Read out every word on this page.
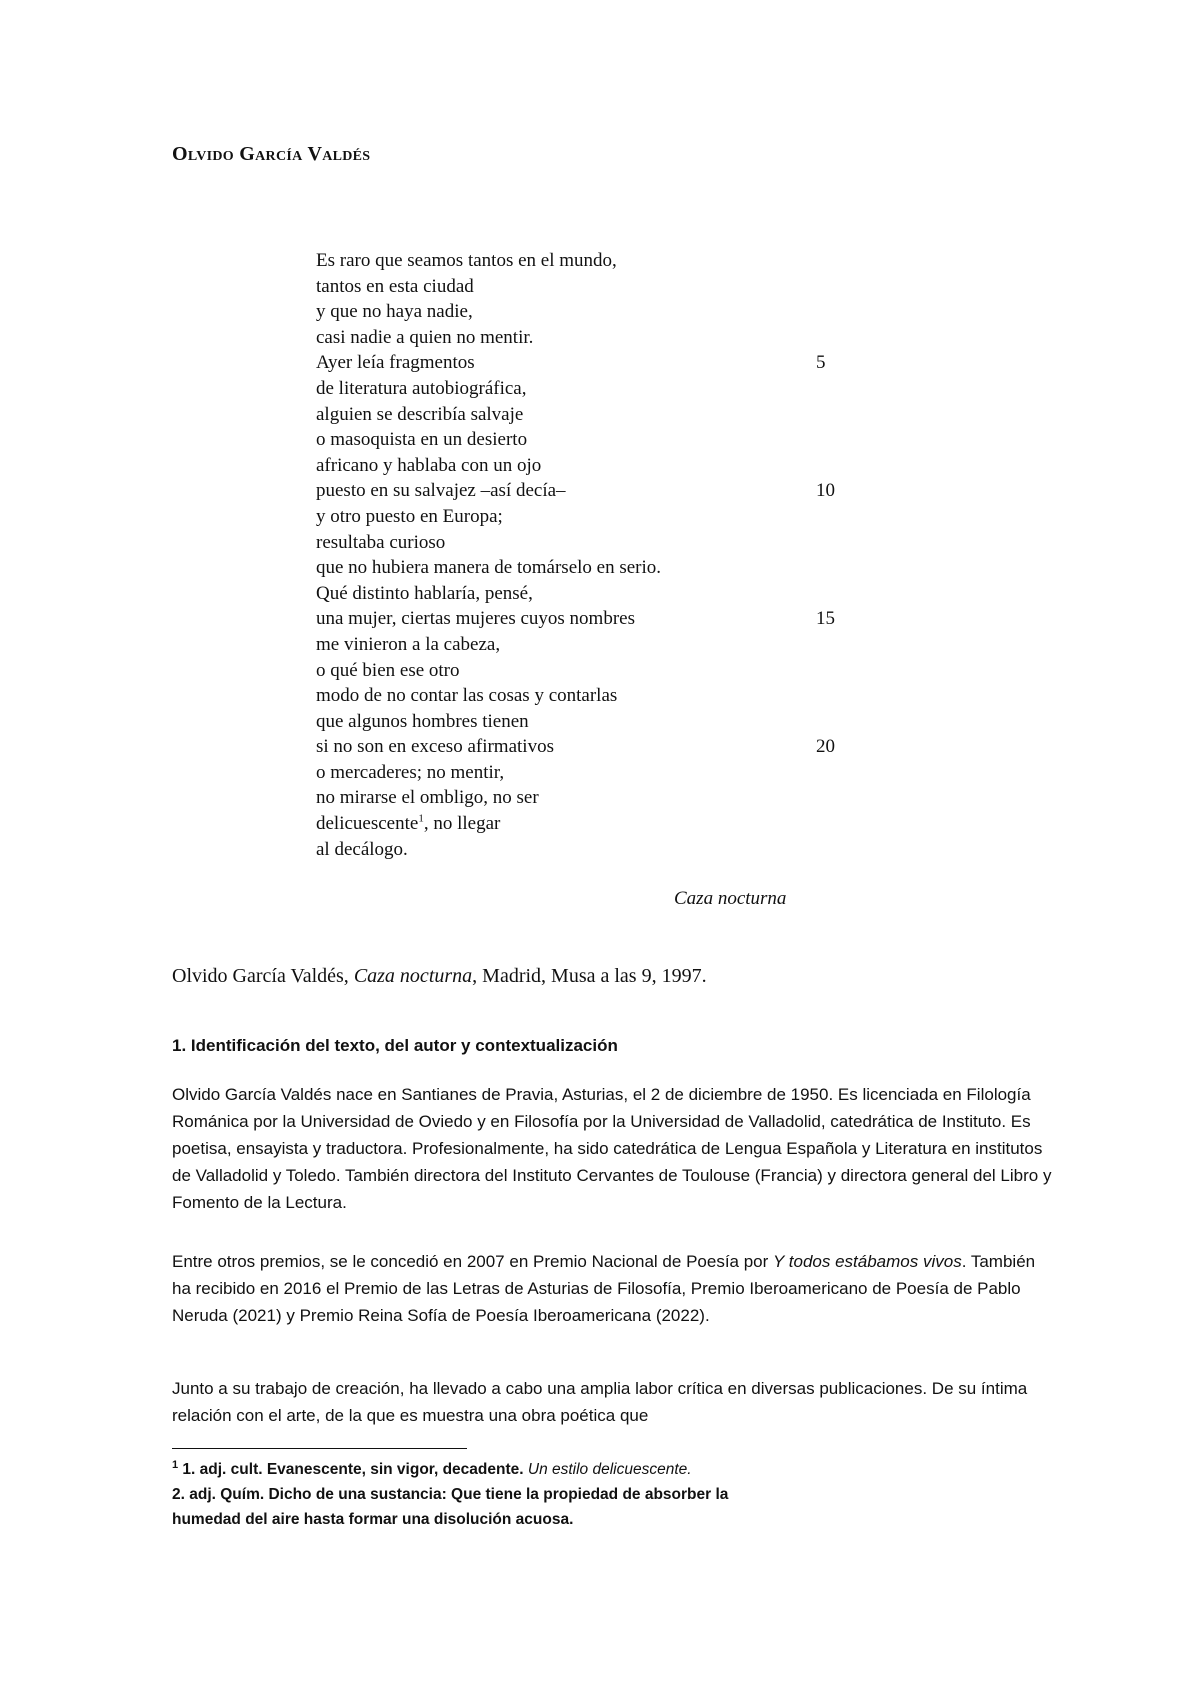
Olvido García Valdés
Es raro que seamos tantos en el mundo,
tantos en esta ciudad
y que no haya nadie,
casi nadie a quien no mentir.
Ayer leía fragmentos	5
de literatura autobiográfica,
alguien se describía salvaje
o masoquista en un desierto
africano y hablaba con un ojo
puesto en su salvajez –así decía–	10
y otro puesto en Europa;
resultaba curioso
que no hubiera manera de tomárselo en serio.
Qué distinto hablaría, pensé,
una mujer, ciertas mujeres cuyos nombres	15
me vinieron a la cabeza,
o qué bien ese otro
modo de no contar las cosas y contarlas
que algunos hombres tienen
si no son en exceso afirmativos	20
o mercaderes; no mentir,
no mirarse el ombligo, no ser
delicuescente$^1$, no llegar
al decálogo.
Caza nocturna
Olvido García Valdés, Caza nocturna, Madrid, Musa a las 9, 1997.
1. Identificación del texto, del autor y contextualización

Olvido García Valdés nace en Santianes de Pravia, Asturias, el 2 de diciembre de 1950. Es licenciada en Filología Románica por la Universidad de Oviedo y en Filosofía por la Universidad de Valladolid, catedrática de Instituto. Es poetisa, ensayista y traductora. Profesionalmente, ha sido catedrática de Lengua Española y Literatura en institutos de Valladolid y Toledo. También directora del Instituto Cervantes de Toulouse (Francia) y directora general del Libro y Fomento de la Lectura.

Entre otros premios, se le concedió en 2007 en Premio Nacional de Poesía por Y todos estábamos vivos. También ha recibido en 2016 el Premio de las Letras de Asturias de Filosofía, Premio Iberoamericano de Poesía de Pablo Neruda (2021) y Premio Reina Sofía de Poesía Iberoamericana (2022).

Junto a su trabajo de creación, ha llevado a cabo una amplia labor crítica en diversas publicaciones. De su íntima relación con el arte, de la que es muestra una obra poética que

$^1$ 1. adj. cult. Evanescente, sin vigor, decadente. Un estilo delicuescente.
2. adj. Quím. Dicho de una sustancia: Que tiene la propiedad de absorber la
humedad del aire hasta formar una disolución acuosa.
